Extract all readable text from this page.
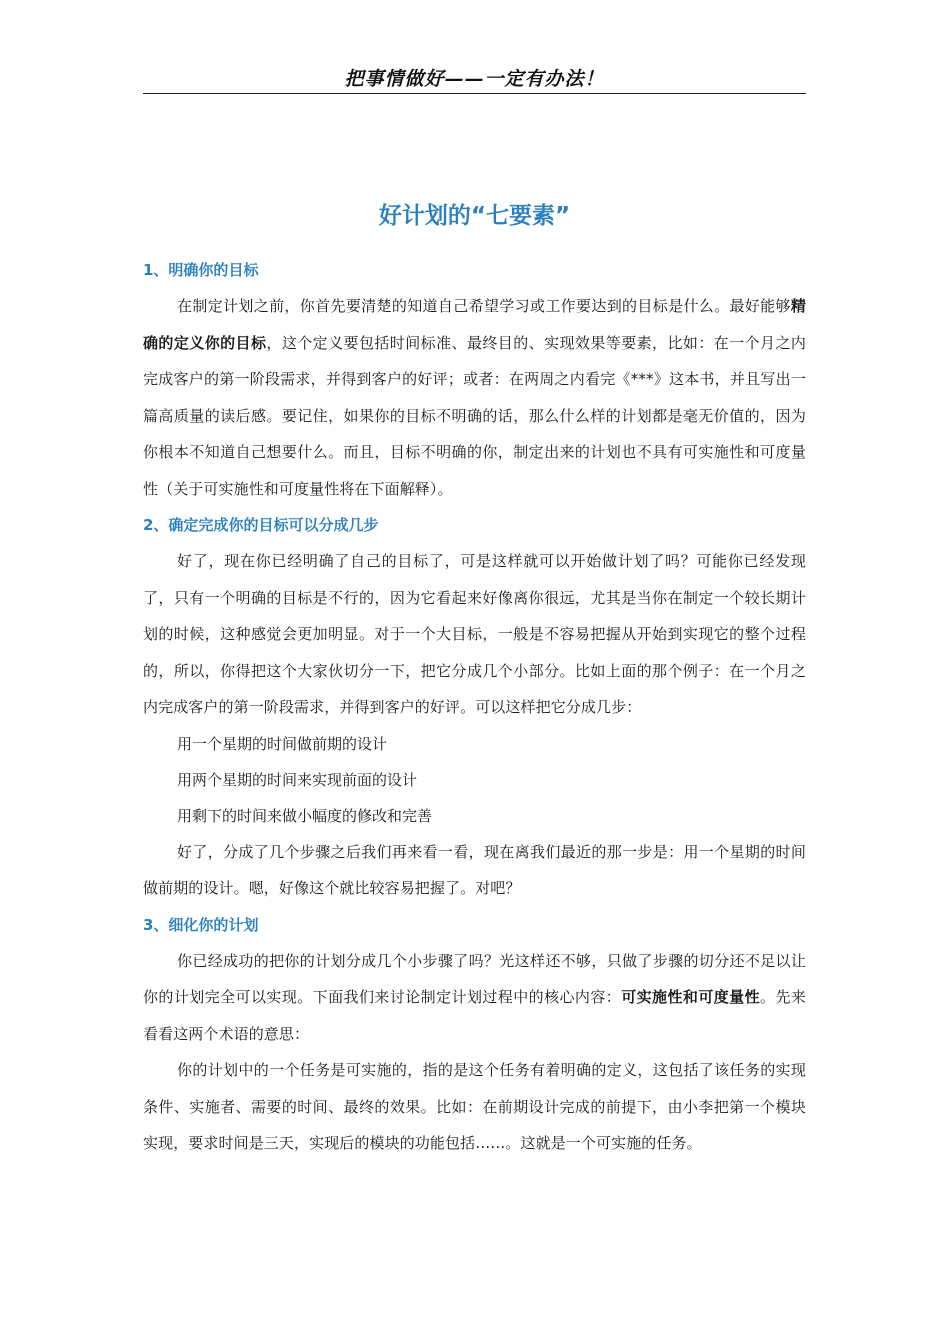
把事情做好——一定有办法！
好计划的“七要素”
1、明确你的目标

在制定计划之前，你首先要清楚的知道自己希望学习或工作要达到的目标是什么。最好能够精确的定义你的目标，这个定义要包括时间标准、最终目的、实现效果等要素，比如：在一个月之内完成客户的第一阶段需求，并得到客户的好评；或者：在两周之内看完《***》这本书，并且写出一篇高质量的读后感。要记住，如果你的目标不明确的话，那么什么样的计划都是毫无价值的，因为你根本不知道自己想要什么。而且，目标不明确的你，制定出来的计划也不具有可实施性和可度量性（关于可实施性和可度量性将在下面解释）。

2、确定完成你的目标可以分成几步

好了，现在你已经明确了自己的目标了，可是这样就可以开始做计划了吗？可能你已经发现了，只有一个明确的目标是不行的，因为它看起来好像离你很远，尤其是当你在制定一个较长期计划的时候，这种感觉会更加明显。对于一个大目标，一般是不容易把握从开始到实现它的整个过程的，所以，你得把这个大家伙切分一下，把它分成几个小部分。比如上面的那个例子：在一个月之内完成客户的第一阶段需求，并得到客户的好评。可以这样把它分成几步：

用一个星期的时间做前期的设计
用两个星期的时间来实现前面的设计
用剩下的时间来做小幅度的修改和完善

好了，分成了几个步骤之后我们再来看一看，现在离我们最近的那一步是：用一个星期的时间做前期的设计。嗯，好像这个就比较容易把握了。对吧？

3、细化你的计划

你已经成功的把你的计划分成几个小步骤了吗？光这样还不够，只做了步骤的切分还不足以让你的计划完全可以实现。下面我们来讨论制定计划过程中的核心内容：可实施性和可度量性。先来看看这两个术语的意思：

你的计划中的一个任务是可实施的，指的是这个任务有着明确的定义，这包括了该任务的实现条件、实施者、需要的时间、最终的效果。比如：在前期设计完成的前提下，由小李把第一个模块实现，要求时间是三天，实现后的模块的功能包括……。这就是一个可实施的任务。
